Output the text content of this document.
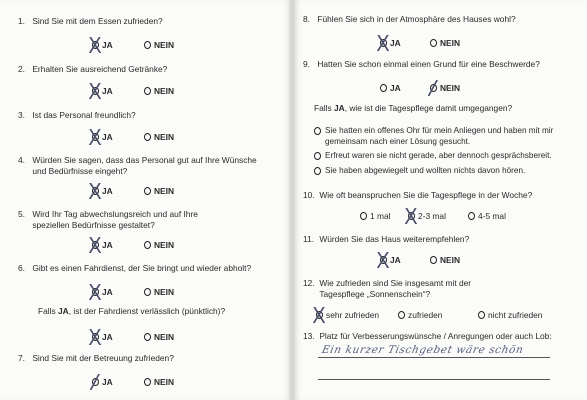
1. Sind Sie mit dem Essen zufrieden?
JA	NEIN
2. Erhalten Sie ausreichend Getränke?
JA	NEIN
3. Ist das Personal freundlich?
JA	NEIN
4. Würden Sie sagen, dass das Personal gut auf Ihre Wünsche und Bedürfnisse eingeht?
JA	NEIN
5. Wird Ihr Tag abwechslungsreich und auf Ihre speziellen Bedürfnisse gestaltet?
JA	NEIN
6. Gibt es einen Fahrdienst, der Sie bringt und wieder abholt?
JA	NEIN
Falls JA, ist der Fahrdienst verlässlich (pünktlich)?
JA	NEIN
7. Sind Sie mit der Betreuung zufrieden?
JA	NEIN
8. Fühlen Sie sich in der Atmosphäre des Hauses wohl?
JA	NEIN
9. Hatten Sie schon einmal einen Grund für eine Beschwerde?
JA	NEIN
Falls JA, wie ist die Tagespflege damit umgegangen?
Sie hatten ein offenes Ohr für mein Anliegen und haben mit mir gemeinsam nach einer Lösung gesucht.
Erfreut waren sie nicht gerade, aber dennoch gesprächsbereit.
Sie haben abgewiegelt und wollten nichts davon hören.
10. Wie oft beanspruchen Sie die Tagespflege in der Woche?
1 mal	2-3 mal	4-5 mal
11. Würden Sie das Haus weiterempfehlen?
JA	NEIN
12. Wie zufrieden sind Sie insgesamt mit der Tagespflege „Sonnenschein“?
sehr zufrieden	zufrieden	nicht zufrieden
13. Platz für Verbesserungswünsche / Anregungen oder auch Lob:
Ein kurzer Tischgebet wäre schön
